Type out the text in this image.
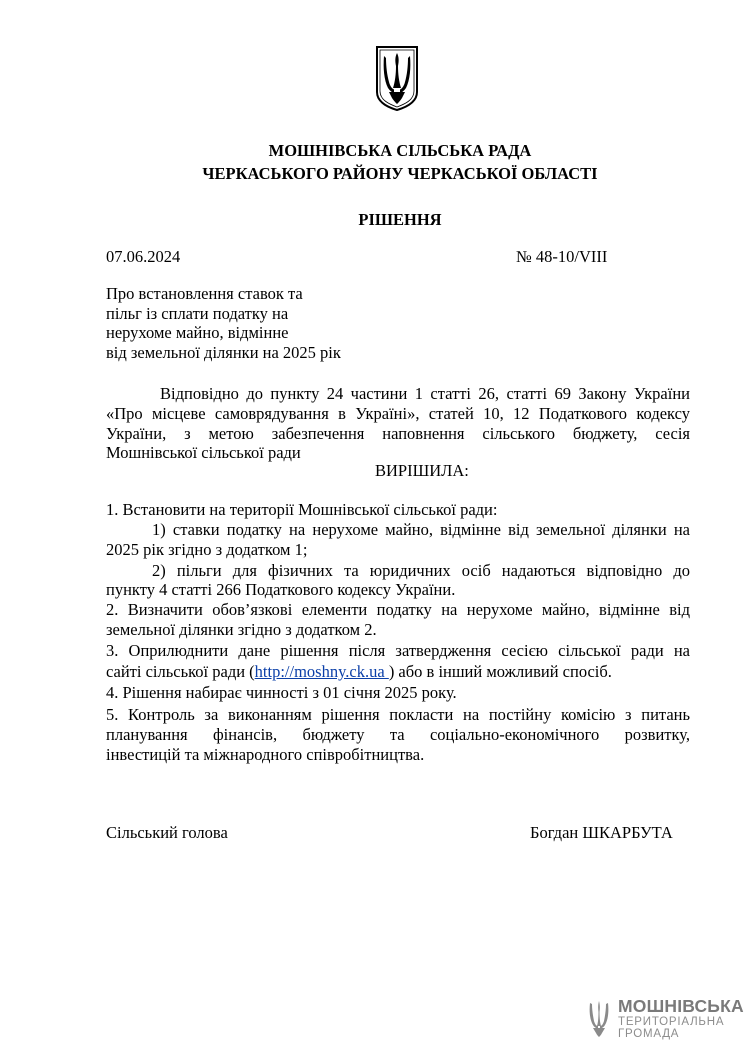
МОШНІВСЬКА СІЛЬСЬКА РАДА
ЧЕРКАСЬКОГО РАЙОНУ ЧЕРКАСЬКОЇ ОБЛАСТІ
РІШЕННЯ
07.06.2024	№ 48-10/VIII
Про встановлення ставок та
пільг із сплати податку на
нерухоме майно, відмінне
від земельної ділянки на 2025 рік
Відповідно до пункту 24 частини 1 статті 26, статті 69 Закону України
«Про місцеве самоврядування в Україні», статей 10, 12 Податкового кодексу
України, з метою забезпечення наповнення сільського бюджету, сесія
Мошнівської сільської ради
ВИРІШИЛА:
1. Встановити на території Мошнівської сільської ради:
1) ставки податку на нерухоме майно, відмінне від земельної ділянки на
2025 рік згідно з додатком 1;
2) пільги для фізичних та юридичних осіб надаються відповідно до
пункту 4 статті 266 Податкового кодексу України.
2. Визначити обов’язкові елементи податку на нерухоме майно, відмінне від
земельної ділянки згідно з додатком 2.
3. Оприлюднити дане рішення після затвердження сесією сільської ради на
сайті сільської ради (http://moshny.ck.ua ) або в інший можливий спосіб.
4. Рішення набирає чинності з 01 січня 2025 року.
5. Контроль за виконанням рішення покласти на постійну комісію з питань
планування фінансів, бюджету та соціально-економічного розвитку,
інвестицій та міжнародного співробітництва.
Сільський голова	Богдан ШКАРБУТА
МОШНІВСЬКА
ТЕРИТОРІАЛЬНА
ГРОМАДА
